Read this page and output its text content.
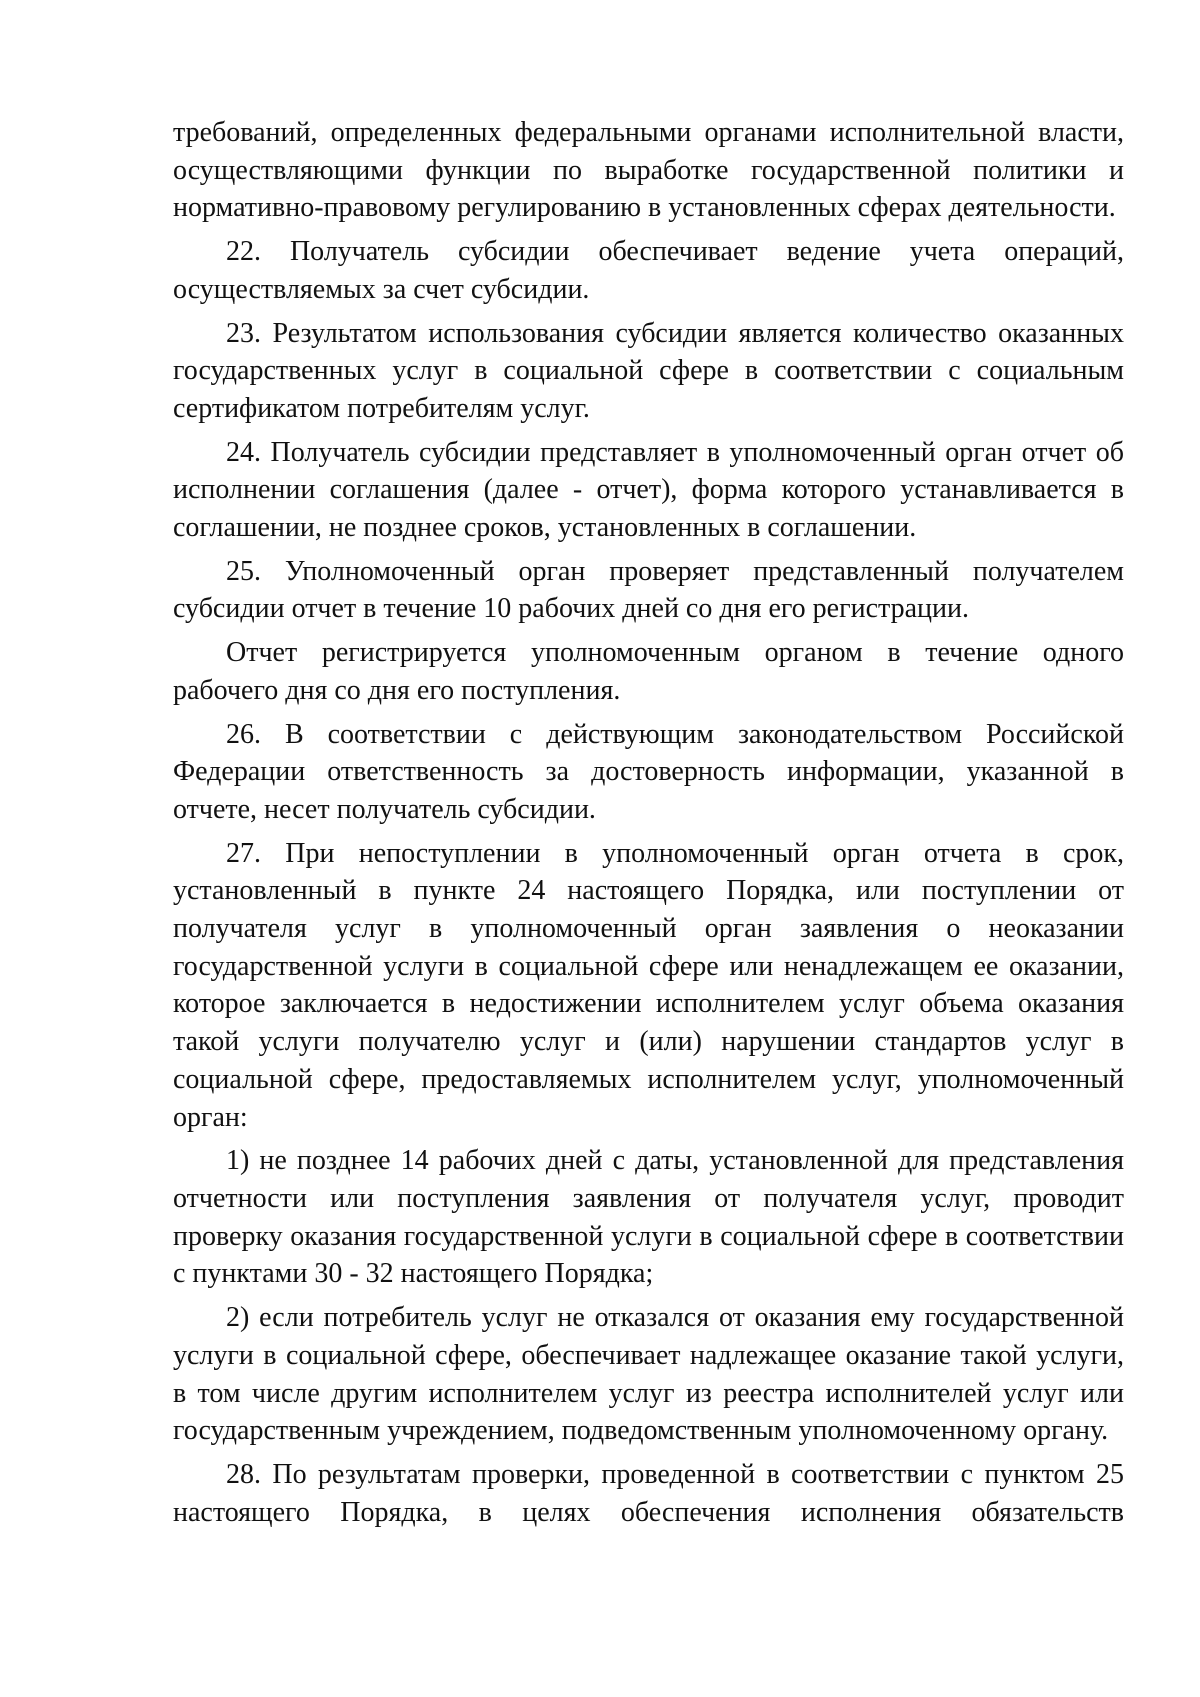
требований, определенных федеральными органами исполнительной власти, осуществляющими функции по выработке государственной политики и нормативно-правовому регулированию в установленных сферах деятельности.

22. Получатель субсидии обеспечивает ведение учета операций, осуществляемых за счет субсидии.

23. Результатом использования субсидии является количество оказанных государственных услуг в социальной сфере в соответствии с социальным сертификатом потребителям услуг.

24. Получатель субсидии представляет в уполномоченный орган отчет об исполнении соглашения (далее - отчет), форма которого устанавливается в соглашении, не позднее сроков, установленных в соглашении.

25. Уполномоченный орган проверяет представленный получателем субсидии отчет в течение 10 рабочих дней со дня его регистрации.

Отчет регистрируется уполномоченным органом в течение одного рабочего дня со дня его поступления.

26. В соответствии с действующим законодательством Российской Федерации ответственность за достоверность информации, указанной в отчете, несет получатель субсидии.

27. При непоступлении в уполномоченный орган отчета в срок, установленный в пункте 24 настоящего Порядка, или поступлении от получателя услуг в уполномоченный орган заявления о неоказании государственной услуги в социальной сфере или ненадлежащем ее оказании, которое заключается в недостижении исполнителем услуг объема оказания такой услуги получателю услуг и (или) нарушении стандартов услуг в социальной сфере, предоставляемых исполнителем услуг, уполномоченный орган:

1) не позднее 14 рабочих дней с даты, установленной для представления отчетности или поступления заявления от получателя услуг, проводит проверку оказания государственной услуги в социальной сфере в соответствии с пунктами 30 - 32 настоящего Порядка;

2) если потребитель услуг не отказался от оказания ему государственной услуги в социальной сфере, обеспечивает надлежащее оказание такой услуги, в том числе другим исполнителем услуг из реестра исполнителей услуг или государственным учреждением, подведомственным уполномоченному органу.

28. По результатам проверки, проведенной в соответствии с пунктом 25 настоящего Порядка, в целях обеспечения исполнения обязательств
